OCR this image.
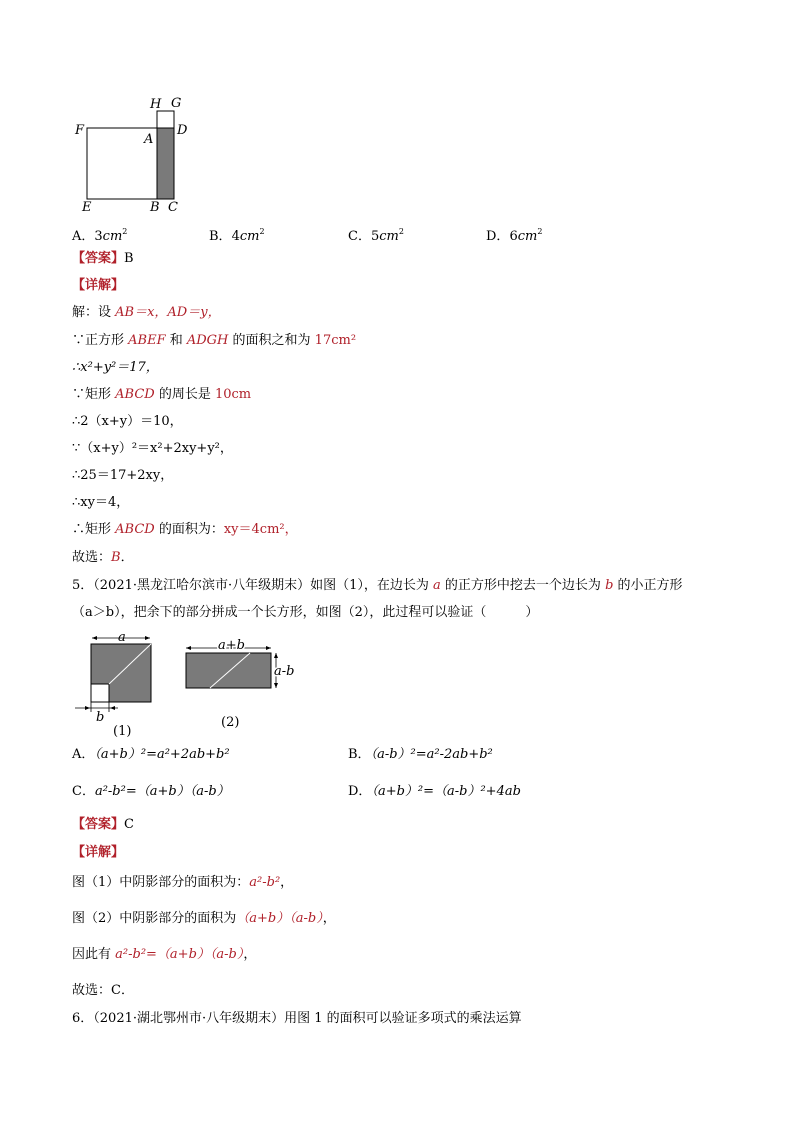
H G
F
A
D
E	B C
A．$3cm^2$	B．$4cm^2$	C．$5cm^2$	D．$6cm^2$
【答案】B
【详解】
解：设 AB＝x，AD＝y，
∵正方形 ABEF 和 ADGH 的面积之和为 17cm²
∴x²+y²＝17，
∵矩形 ABCD 的周长是 10cm
∴2（x+y）＝10，
∵（x+y）²＝x²+2xy+y²，
∴25＝17+2xy，
∴xy＝4，
∴矩形 ABCD 的面积为：xy＝4cm²，
故选：B．
5．（2021·黑龙江哈尔滨市·八年级期末）如图（1），在边长为 a 的正方形中挖去一个边长为 b 的小正方形
（a＞b），把余下的部分拼成一个长方形，如图（2），此过程可以验证（　　　）
a
b
(1)
a+b
a-b
(2)
A．（a+b）²=a²+2ab+b²	B．（a-b）²=a²-2ab+b²
C．a²-b²=（a+b）（a-b）	D．（a+b）²=（a-b）²+4ab
【答案】C
【详解】
图（1）中阴影部分的面积为：a²-b²，
图（2）中阴影部分的面积为（a+b）（a-b），
因此有 a²-b²=（a+b）（a-b），
故选：C．
6．（2021·湖北鄂州市·八年级期末）用图 1 的面积可以验证多项式的乘法运算
